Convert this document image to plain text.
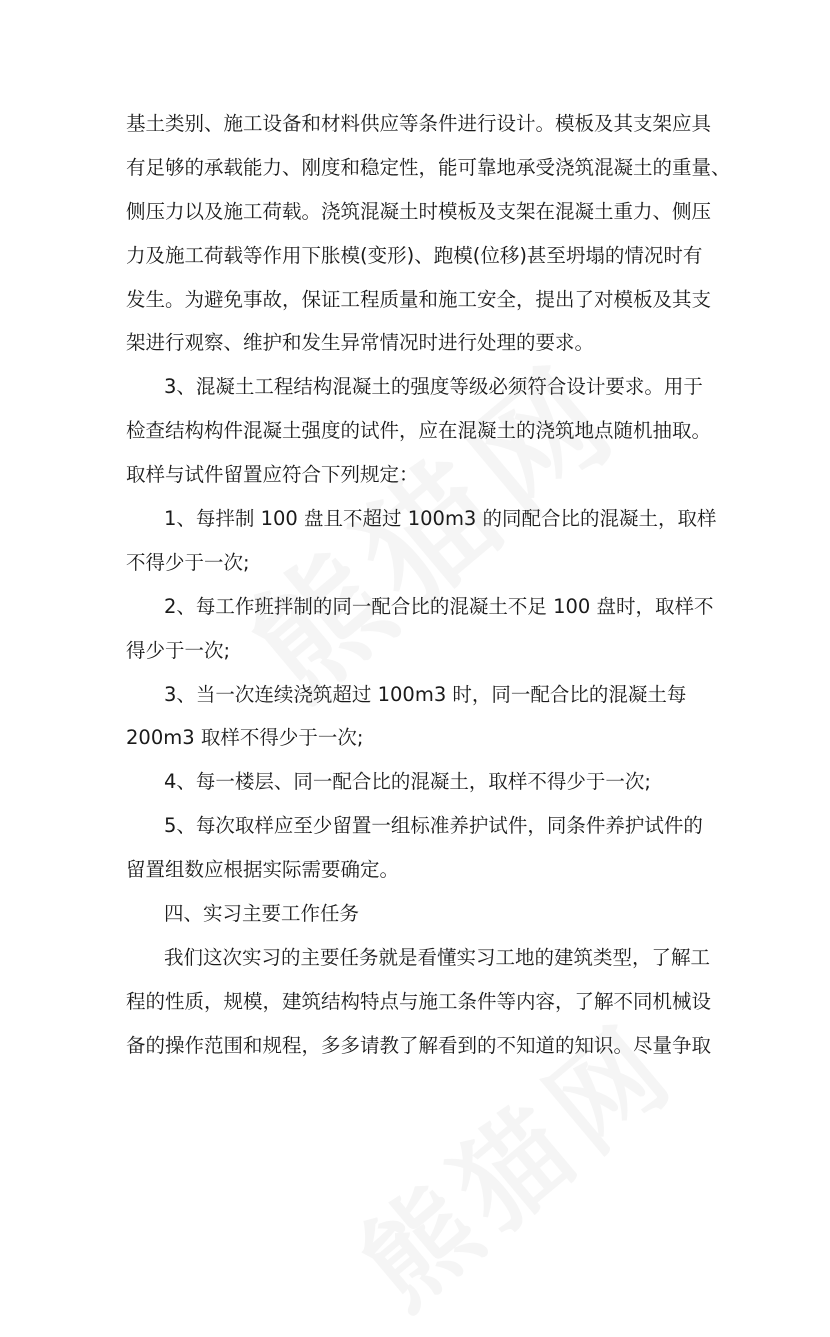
基土类别、施工设备和材料供应等条件进行设计。模板及其支架应具
有足够的承载能力、刚度和稳定性，能可靠地承受浇筑混凝土的重量、
侧压力以及施工荷载。浇筑混凝土时模板及支架在混凝土重力、侧压
力及施工荷载等作用下胀模(变形)、跑模(位移)甚至坍塌的情况时有
发生。为避免事故，保证工程质量和施工安全，提出了对模板及其支
架进行观察、维护和发生异常情况时进行处理的要求。
3、混凝土工程结构混凝土的强度等级必须符合设计要求。用于
检查结构构件混凝土强度的试件，应在混凝土的浇筑地点随机抽取。
取样与试件留置应符合下列规定：
1、每拌制 100 盘且不超过 100m3 的同配合比的混凝土，取样
不得少于一次;
2、每工作班拌制的同一配合比的混凝土不足 100 盘时，取样不
得少于一次;
3、当一次连续浇筑超过 100m3 时，同一配合比的混凝土每
200m3 取样不得少于一次;
4、每一楼层、同一配合比的混凝土，取样不得少于一次;
5、每次取样应至少留置一组标准养护试件，同条件养护试件的
留置组数应根据实际需要确定。
四、实习主要工作任务
我们这次实习的主要任务就是看懂实习工地的建筑类型，了解工
程的性质，规模，建筑结构特点与施工条件等内容，了解不同机械设
备的操作范围和规程，多多请教了解看到的不知道的知识。尽量争取
